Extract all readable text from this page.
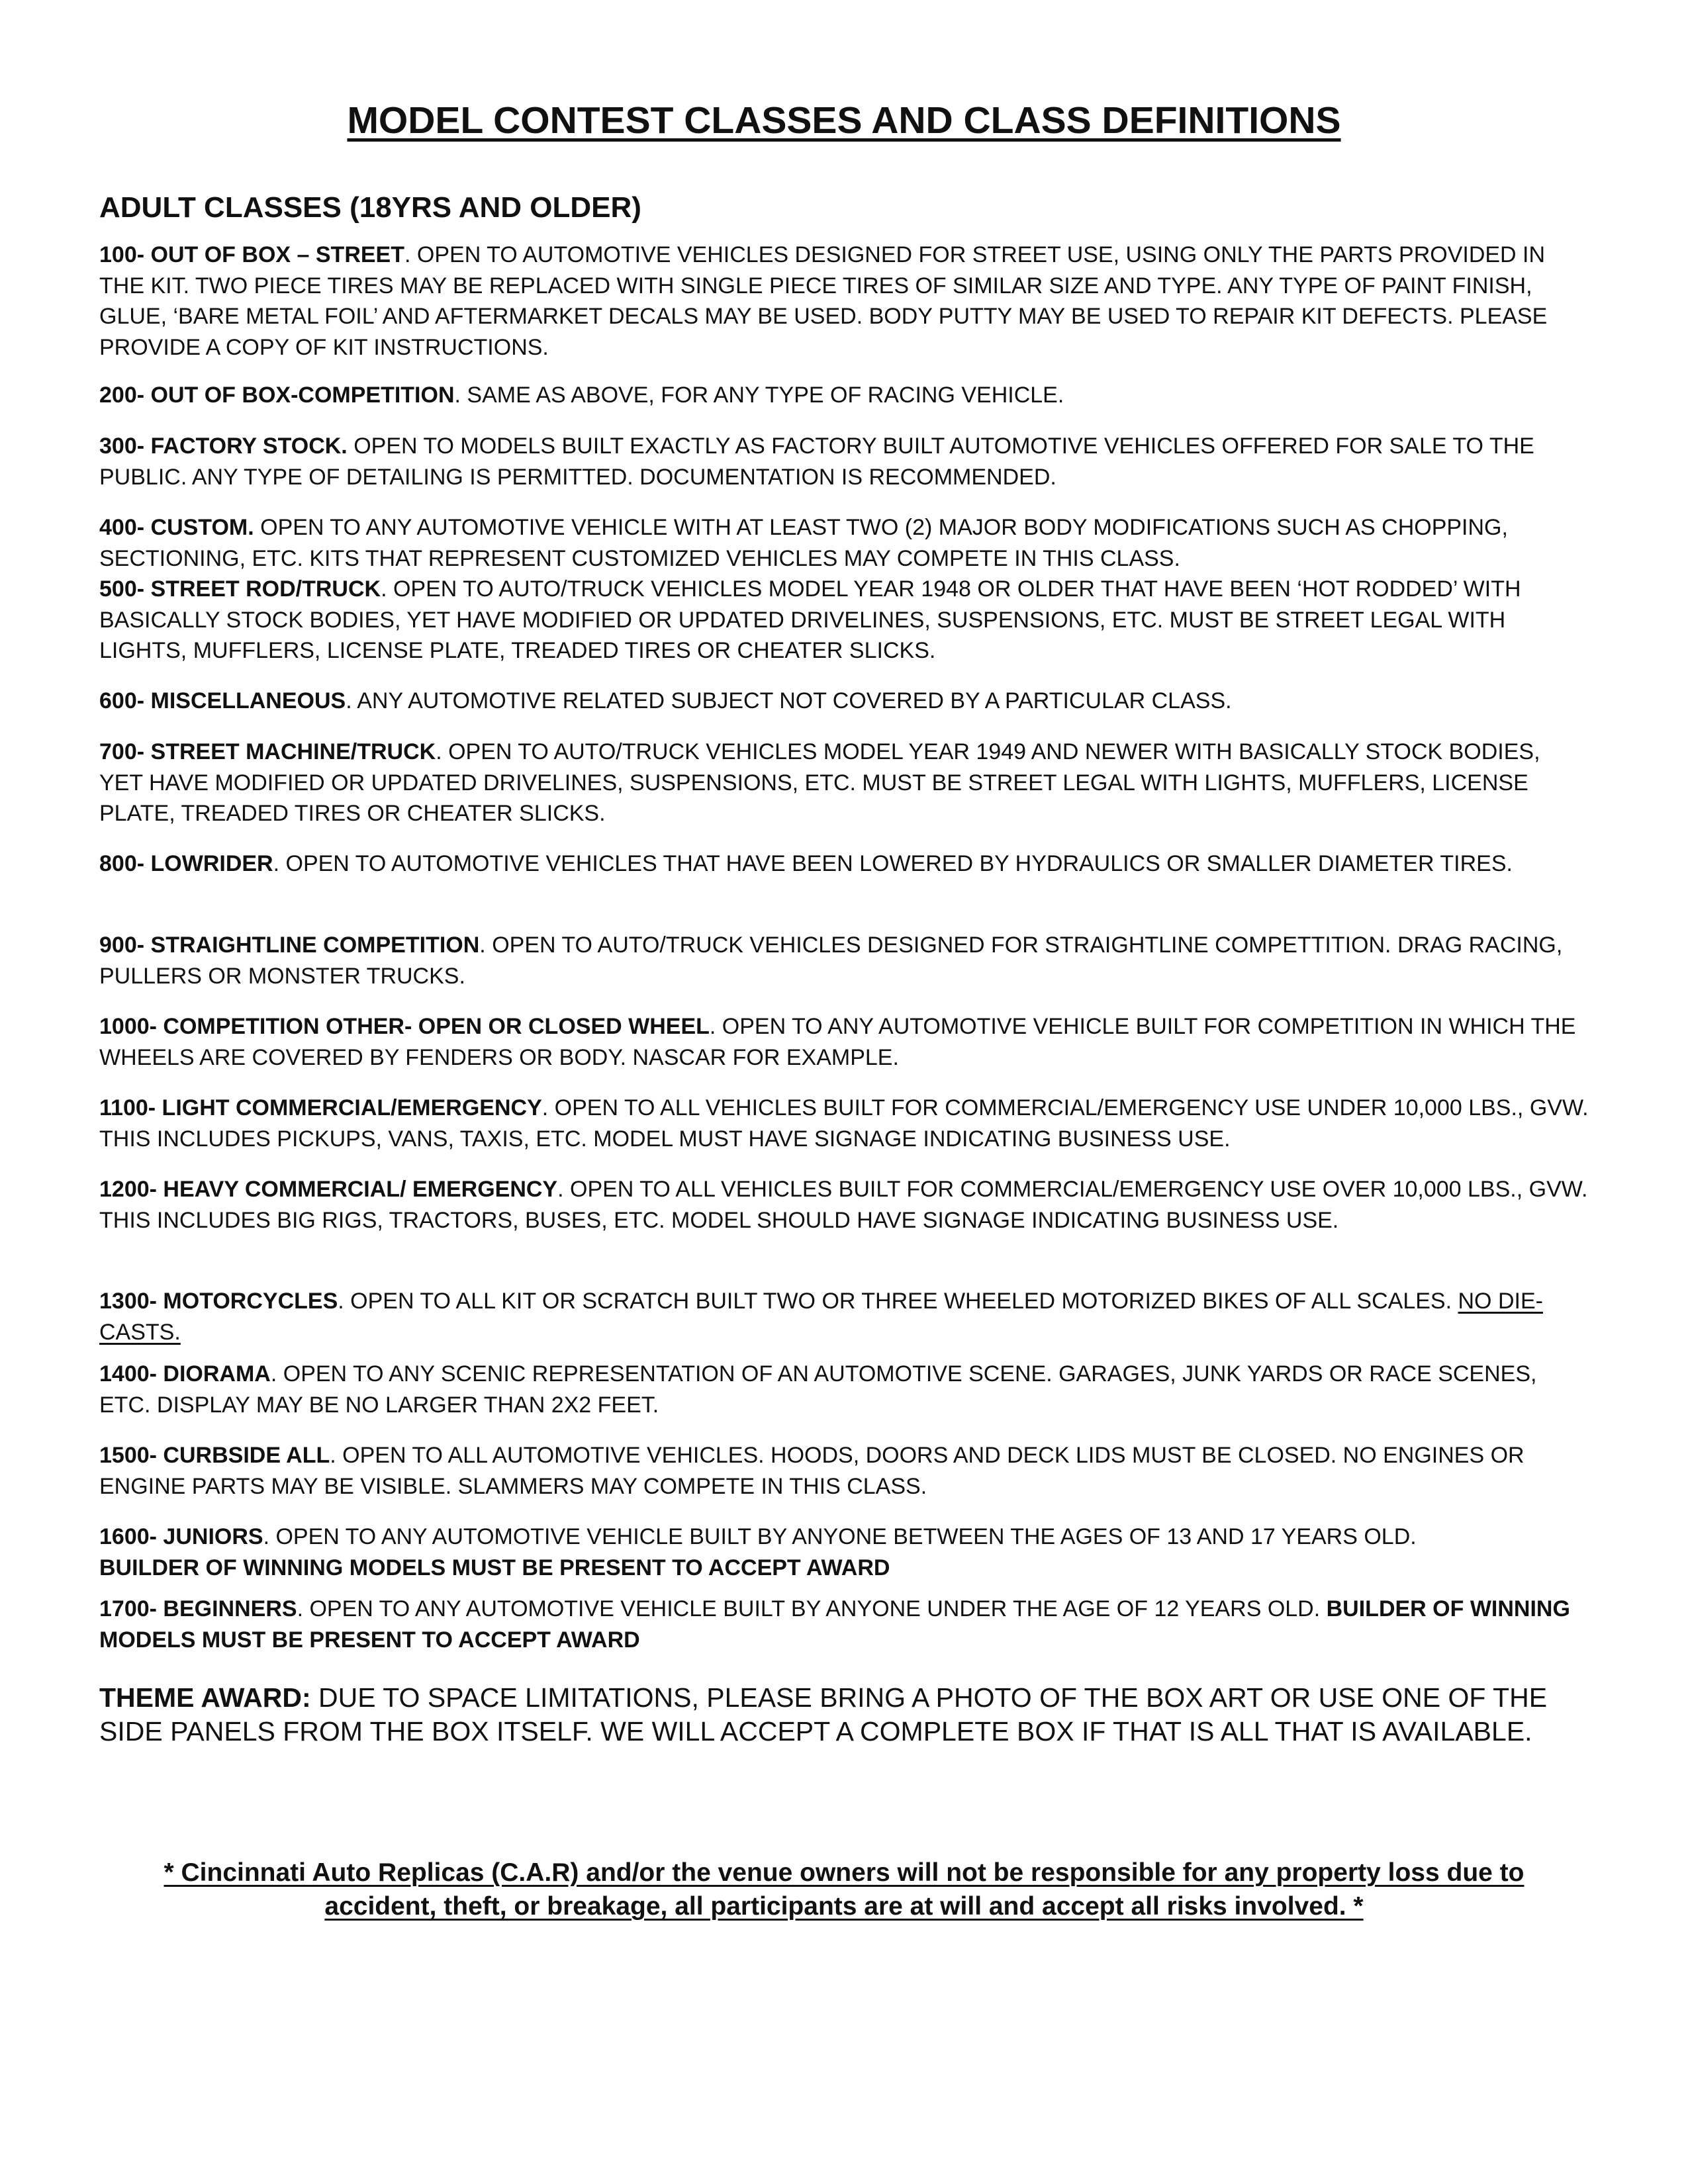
MODEL CONTEST CLASSES AND CLASS DEFINITIONS
ADULT CLASSES (18YRS AND OLDER)

100- OUT OF BOX – STREET. OPEN TO AUTOMOTIVE VEHICLES DESIGNED FOR STREET USE, USING ONLY THE PARTS PROVIDED IN THE KIT. TWO PIECE TIRES MAY BE REPLACED WITH SINGLE PIECE TIRES OF SIMILAR SIZE AND TYPE. ANY TYPE OF PAINT FINISH, GLUE, ‘BARE METAL FOIL’ AND AFTERMARKET DECALS MAY BE USED. BODY PUTTY MAY BE USED TO REPAIR KIT DEFECTS. PLEASE PROVIDE A COPY OF KIT INSTRUCTIONS.

200- OUT OF BOX-COMPETITION. SAME AS ABOVE, FOR ANY TYPE OF RACING VEHICLE.

300- FACTORY STOCK. OPEN TO MODELS BUILT EXACTLY AS FACTORY BUILT AUTOMOTIVE VEHICLES OFFERED FOR SALE TO THE PUBLIC. ANY TYPE OF DETAILING IS PERMITTED. DOCUMENTATION IS RECOMMENDED.

400- CUSTOM. OPEN TO ANY AUTOMOTIVE VEHICLE WITH AT LEAST TWO (2) MAJOR BODY MODIFICATIONS SUCH AS CHOPPING, SECTIONING, ETC. KITS THAT REPRESENT CUSTOMIZED VEHICLES MAY COMPETE IN THIS CLASS.

500- STREET ROD/TRUCK. OPEN TO AUTO/TRUCK VEHICLES MODEL YEAR 1948 OR OLDER THAT HAVE BEEN ‘HOT RODDED’ WITH BASICALLY STOCK BODIES, YET HAVE MODIFIED OR UPDATED DRIVELINES, SUSPENSIONS, ETC. MUST BE STREET LEGAL WITH LIGHTS, MUFFLERS, LICENSE PLATE, TREADED TIRES OR CHEATER SLICKS.

600- MISCELLANEOUS. ANY AUTOMOTIVE RELATED SUBJECT NOT COVERED BY A PARTICULAR CLASS.

700- STREET MACHINE/TRUCK. OPEN TO AUTO/TRUCK VEHICLES MODEL YEAR 1949 AND NEWER WITH BASICALLY STOCK BODIES, YET HAVE MODIFIED OR UPDATED DRIVELINES, SUSPENSIONS, ETC. MUST BE STREET LEGAL WITH LIGHTS, MUFFLERS, LICENSE PLATE, TREADED TIRES OR CHEATER SLICKS.

800- LOWRIDER. OPEN TO AUTOMOTIVE VEHICLES THAT HAVE BEEN LOWERED BY HYDRAULICS OR SMALLER DIAMETER TIRES.

900- STRAIGHTLINE COMPETITION. OPEN TO AUTO/TRUCK VEHICLES DESIGNED FOR STRAIGHTLINE COMPETTITION. DRAG RACING, PULLERS OR MONSTER TRUCKS.

1000- COMPETITION OTHER- OPEN OR CLOSED WHEEL. OPEN TO ANY AUTOMOTIVE VEHICLE BUILT FOR COMPETITION IN WHICH THE WHEELS ARE COVERED BY FENDERS OR BODY. NASCAR FOR EXAMPLE.

1100- LIGHT COMMERCIAL/EMERGENCY. OPEN TO ALL VEHICLES BUILT FOR COMMERCIAL/EMERGENCY USE UNDER 10,000 LBS., GVW. THIS INCLUDES PICKUPS, VANS, TAXIS, ETC. MODEL MUST HAVE SIGNAGE INDICATING BUSINESS USE.

1200- HEAVY COMMERCIAL/ EMERGENCY. OPEN TO ALL VEHICLES BUILT FOR COMMERCIAL/EMERGENCY USE OVER 10,000 LBS., GVW. THIS INCLUDES BIG RIGS, TRACTORS, BUSES, ETC. MODEL SHOULD HAVE SIGNAGE INDICATING BUSINESS USE.

1300- MOTORCYCLES. OPEN TO ALL KIT OR SCRATCH BUILT TWO OR THREE WHEELED MOTORIZED BIKES OF ALL SCALES. NO DIE-CASTS.

1400- DIORAMA. OPEN TO ANY SCENIC REPRESENTATION OF AN AUTOMOTIVE SCENE. GARAGES, JUNK YARDS OR RACE SCENES, ETC. DISPLAY MAY BE NO LARGER THAN 2X2 FEET.

1500- CURBSIDE ALL. OPEN TO ALL AUTOMOTIVE VEHICLES. HOODS, DOORS AND DECK LIDS MUST BE CLOSED. NO ENGINES OR ENGINE PARTS MAY BE VISIBLE. SLAMMERS MAY COMPETE IN THIS CLASS.

1600- JUNIORS. OPEN TO ANY AUTOMOTIVE VEHICLE BUILT BY ANYONE BETWEEN THE AGES OF 13 AND 17 YEARS OLD.
BUILDER OF WINNING MODELS MUST BE PRESENT TO ACCEPT AWARD

1700- BEGINNERS. OPEN TO ANY AUTOMOTIVE VEHICLE BUILT BY ANYONE UNDER THE AGE OF 12 YEARS OLD. BUILDER OF WINNING MODELS MUST BE PRESENT TO ACCEPT AWARD

THEME AWARD: DUE TO SPACE LIMITATIONS, PLEASE BRING A PHOTO OF THE BOX ART OR USE ONE OF THE SIDE PANELS FROM THE BOX ITSELF. WE WILL ACCEPT A COMPLETE BOX IF THAT IS ALL THAT IS AVAILABLE.

* Cincinnati Auto Replicas (C.A.R) and/or the venue owners will not be responsible for any property loss due to
accident, theft, or breakage, all participants are at will and accept all risks involved. *
